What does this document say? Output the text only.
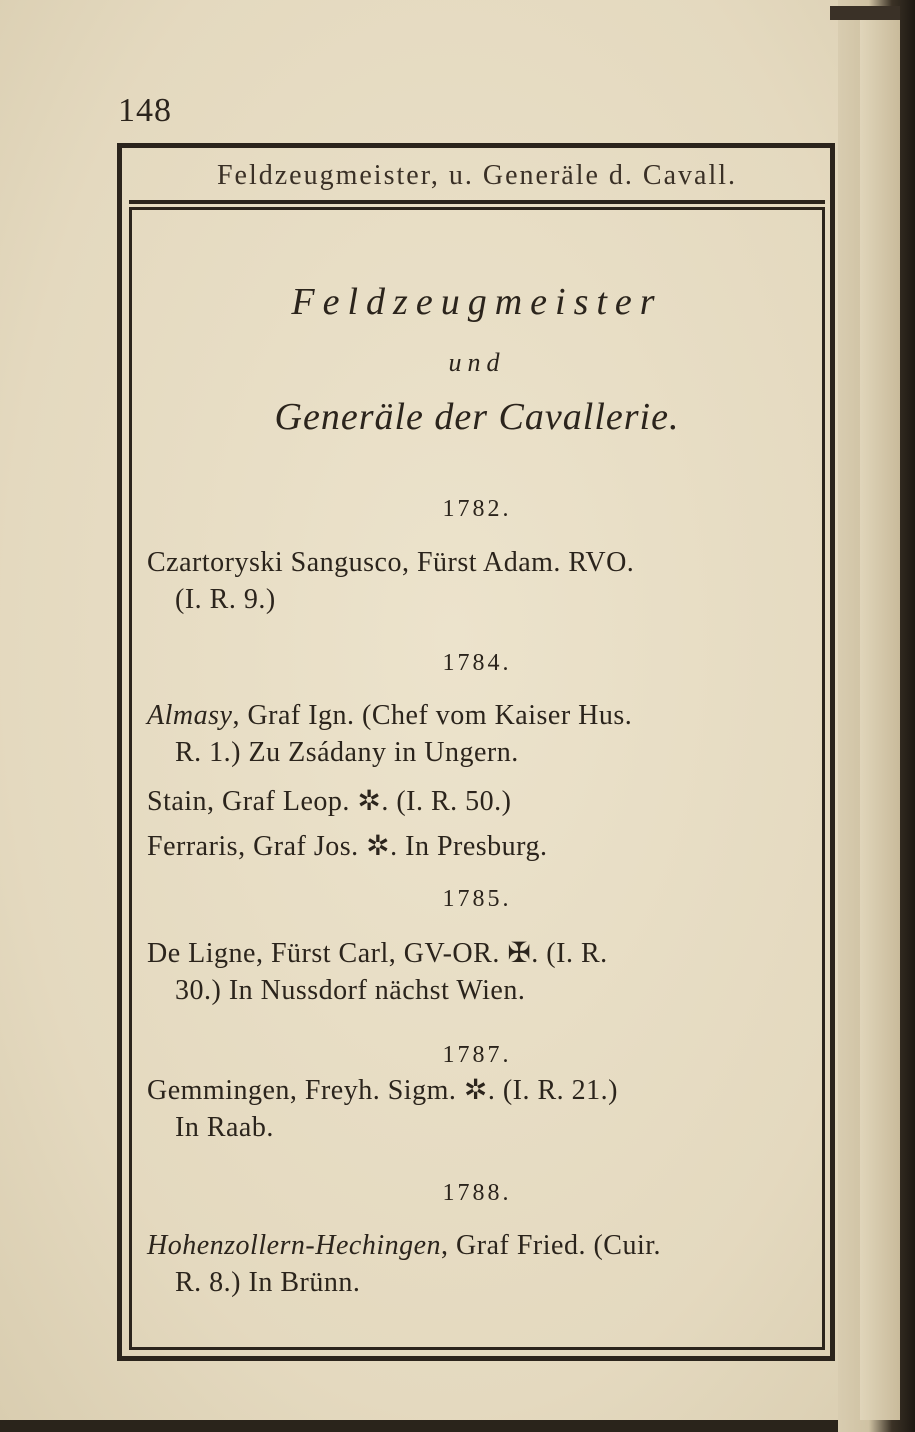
148
Feldzeugmeister, u. Generäle d. Cavall.
Feldzeugmeister
und
Generäle der Cavallerie.
1782.
Czartoryski Sangusco, Fürst Adam. RVO.
(I. R. 9.)
1784.
Almasy, Graf Ign. (Chef vom Kaiser Hus.
R. 1.) Zu Zsádany in Ungern.
Stain, Graf Leop. ✲. (I. R. 50.)
Ferraris, Graf Jos. ✲. In Presburg.
1785.
De Ligne, Fürst Carl, GV-OR. ✠. (I. R.
30.) In Nussdorf nächst Wien.
1787.
Gemmingen, Freyh. Sigm. ✲. (I. R. 21.)
In Raab.
1788.
Hohenzollern-Hechingen, Graf Fried. (Cuir.
R. 8.) In Brünn.
